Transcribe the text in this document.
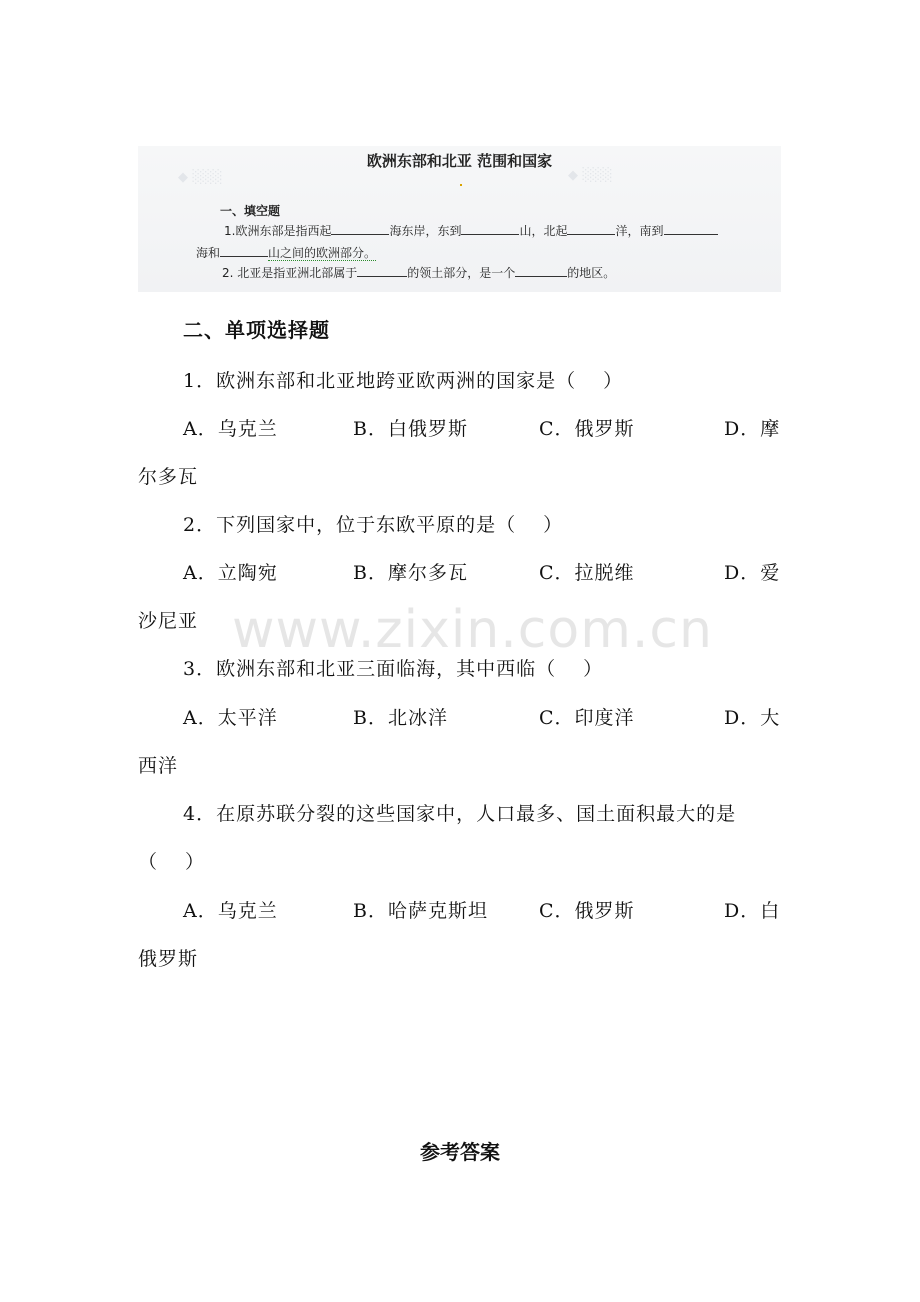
◆ ░░░	◆ ░░░
欧洲东部和北亚 范围和国家
一、填空题
1.欧洲东部是指西起	海东岸，东到	山，北起	洋，南到
海和	山之间的欧洲部分。
2. 北亚是指亚洲北部属于	的领土部分，是一个	的地区。
二、单项选择题
1．欧洲东部和北亚地跨亚欧两洲的国家是（　 ）
A．乌克兰	B．白俄罗斯	C．俄罗斯	D．摩
尔多瓦
2．下列国家中，位于东欧平原的是（　 ）
A．立陶宛	B．摩尔多瓦	C．拉脱维	D．爱
沙尼亚 www.zixin.com.cn
3．欧洲东部和北亚三面临海，其中西临（　 ）
A．太平洋	B．北冰洋	C．印度洋	D．大
西洋
4．在原苏联分裂的这些国家中，人口最多、国土面积最大的是
（　 ）
A．乌克兰	B．哈萨克斯坦	C．俄罗斯	D．白
俄罗斯
参考答案
